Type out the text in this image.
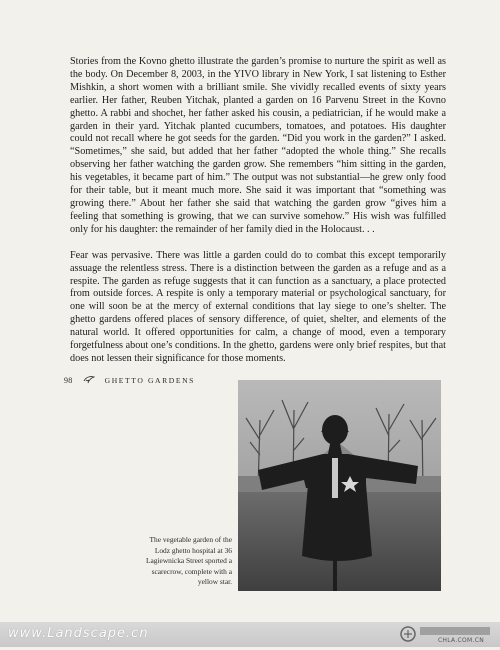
Stories from the Kovno ghetto illustrate the garden’s promise to nurture the spirit as well as the body. On December 8, 2003, in the YIVO library in New York, I sat listening to Esther Mishkin, a short women with a brilliant smile. She vividly recalled events of sixty years earlier. Her father, Reuben Yitchak, planted a garden on 16 Parvenu Street in the Kovno ghetto. A rabbi and shochet, her father asked his cousin, a pediatrician, if he would make a garden in their yard. Yitchak planted cucumbers, tomatoes, and potatoes. His daughter could not recall where he got seeds for the garden. “Did you work in the garden?” I asked. “Sometimes,” she said, but added that her father “adopted the whole thing.” She recalls observing her father watching the garden grow. She remembers “him sitting in the garden, his vegetables, it became part of him.” The output was not substantial—he grew only food for their table, but it meant much more. She said it was important that “something was growing there.” About her father she said that watching the garden grow “gives him a feeling that something is growing, that we can survive somehow.” His wish was fulfilled only for his daughter: the remainder of her family died in the Holocaust. . .

Fear was pervasive. There was little a garden could do to combat this except temporarily assuage the relentless stress. There is a distinction between the garden as a refuge and as a respite. The garden as refuge suggests that it can function as a sanctuary, a place protected from outside forces. A respite is only a temporary material or psychological sanctuary, for one will soon be at the mercy of external conditions that lay siege to one’s shelter. The ghetto gardens offered places of sensory difference, of quiet, shelter, and elements of the natural world. It offered opportunities for calm, a change of mood, even a temporary forgetfulness about one’s conditions. In the ghetto, gardens were only brief respites, but that does not lessen their significance for those moments.

98	GHETTO GARDENS

The vegetable garden of the Lodz ghetto hospital at 36 Lagiewnicka Street sported a scarecrow, complete with a yellow star.

www.Landscape.cn	CHLA.COM.CN
